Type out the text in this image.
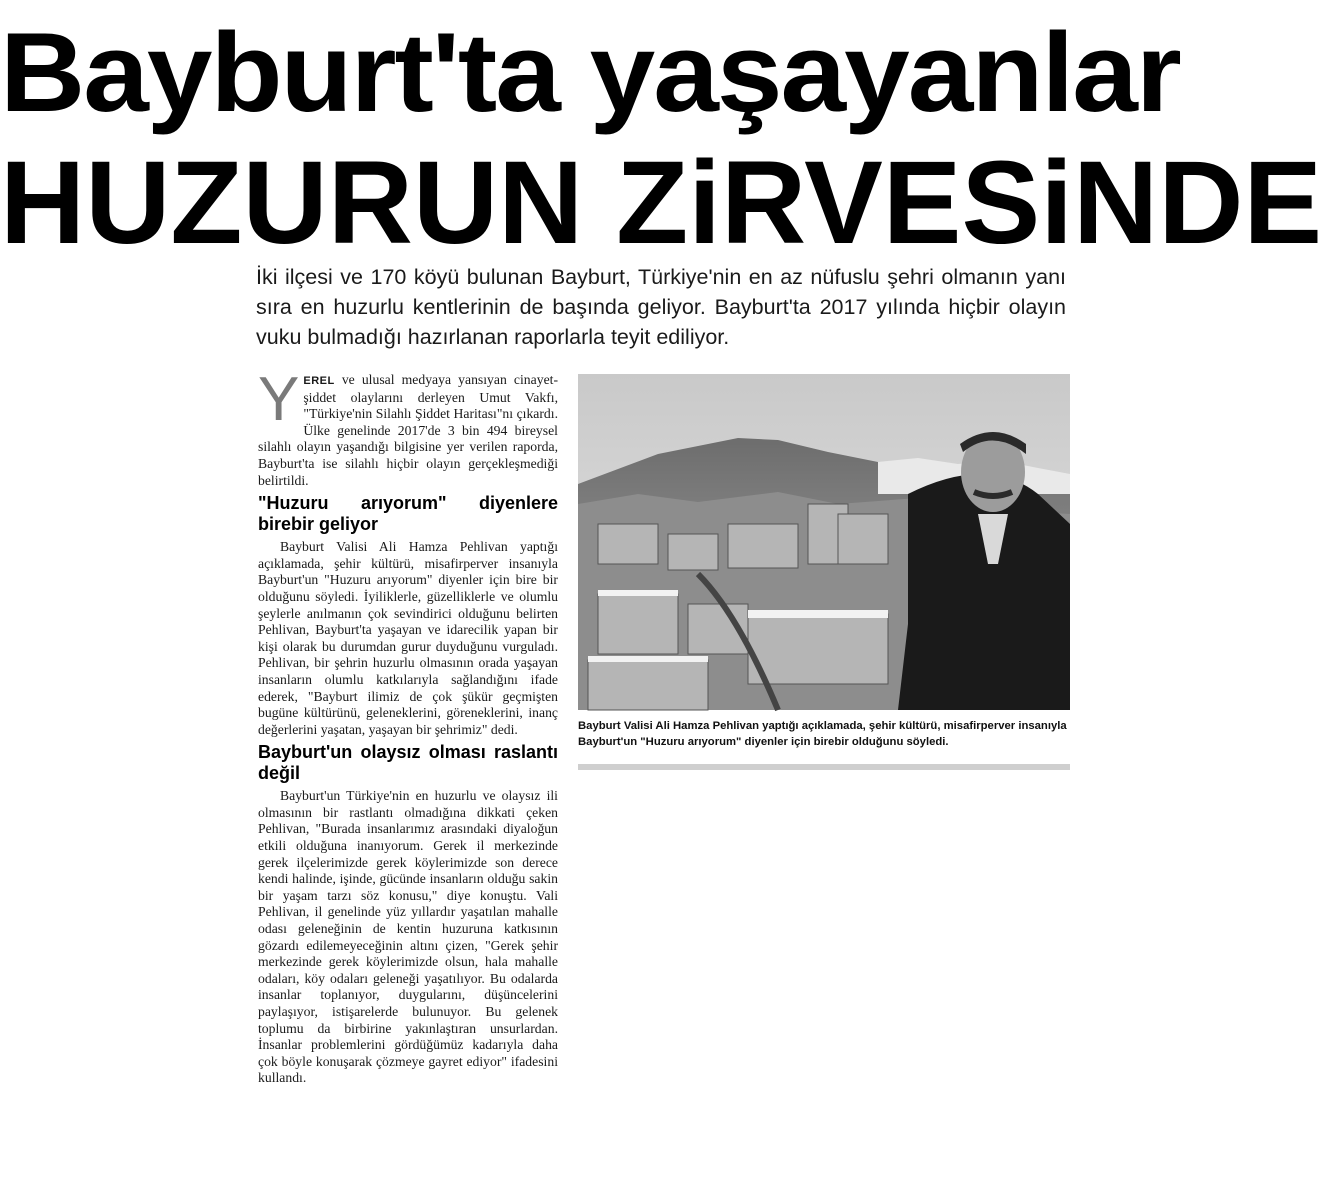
Bayburt'ta yaşayanlar
HUZURUN ZiRVESiNDE

İki ilçesi ve 170 köyü bulunan Bayburt, Türkiye'nin en az nüfuslu şehri olmanın yanı sıra en huzurlu kentlerinin de başında geliyor. Bayburt'ta 2017 yılında hiçbir olayın vuku bulmadığı hazırlanan raporlarla teyit ediliyor.

YEREL ve ulusal medyaya yansıyan cinayet-şiddet olaylarını derleyen Umut Vakfı, "Türkiye'nin Silahlı Şiddet Haritası"nı çıkardı. Ülke genelinde 2017'de 3 bin 494 bireysel silahlı olayın yaşandığı bilgisine yer verilen raporda, Bayburt'ta ise silahlı hiçbir olayın gerçekleşmediği belirtildi.

"Huzuru arıyorum" diyenlere birebir geliyor

Bayburt Valisi Ali Hamza Pehlivan yaptığı açıklamada, şehir kültürü, misafirperver insanıyla Bayburt'un "Huzuru arıyorum" diyenler için bire bir olduğunu söyledi. İyiliklerle, güzelliklerle ve olumlu şeylerle anılmanın çok sevindirici olduğunu belirten Pehlivan, Bayburt'ta yaşayan ve idarecilik yapan bir kişi olarak bu durumdan gurur duyduğunu vurguladı. Pehlivan, bir şehrin huzurlu olmasının orada yaşayan insanların olumlu katkılarıyla sağlandığını ifade ederek, "Bayburt ilimiz de çok şükür geçmişten bugüne kültürünü, geleneklerini, göreneklerini, inanç değerlerini yaşatan, yaşayan bir şehrimiz" dedi.

Bayburt'un olaysız olması raslantı değil

Bayburt'un Türkiye'nin en huzurlu ve olaysız ili olmasının bir rastlantı olmadığına dikkati çeken Pehlivan, "Burada insanlarımız arasındaki diyaloğun etkili olduğuna inanıyorum. Gerek il merkezinde gerek ilçelerimizde gerek köylerimizde son derece kendi halinde, işinde, gücünde insanların olduğu sakin bir yaşam tarzı söz konusu," diye konuştu. Vali Pehlivan, il genelinde yüz yıllardır yaşatılan mahalle odası geleneğinin de kentin huzuruna katkısının gözardı edilemeyeceğinin altını çizen, "Gerek şehir merkezinde gerek köylerimizde olsun, hala mahalle odaları, köy odaları geleneği yaşatılıyor. Bu odalarda insanlar toplanıyor, duygularını, düşüncelerini paylaşıyor, istişarelerde bulunuyor. Bu gelenek toplumu da birbirine yakınlaştıran unsurlardan. İnsanlar problemlerini gördüğümüz kadarıyla daha çok böyle konuşarak çözmeye gayret ediyor" ifadesini kullandı.

Bayburt Valisi Ali Hamza Pehlivan yaptığı açıklamada, şehir kültürü, misafirperver insanıyla Bayburt'un "Huzuru arıyorum" diyenler için birebir olduğunu söyledi.
